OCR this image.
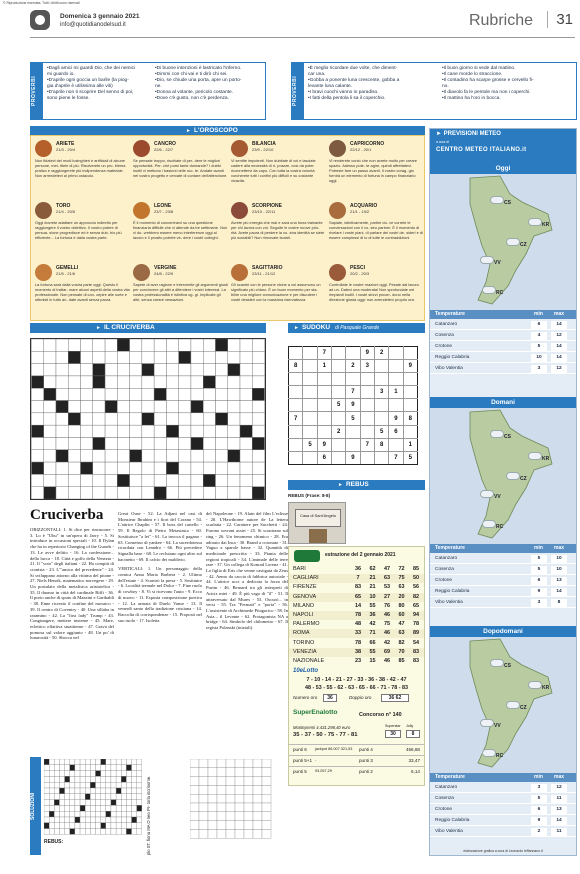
© Riproduzione riservata. Tutti i diritti sono riservati
Domenica 3 gennaio 2021
info@quotidianodelsud.it	Rubriche	31
PROVERBI
•Dagli amici mi guardi Dio, che dei nemici
mi guardo io.
•D'aprile ogni goccia un barile (la piog-
gia d'aprile è utilissima alle viti)
•D'aprile non ti scoprire Del senno di poi,
sono piene le fosse.
•Di buone intenzioni è lastricato l'inferno.
•Dimmi con chi vai e ti dirò chi sei.
•Dio, se chiude una porta, apre un porto-
ne.
•Donna al volante, pericolo costante.
•Dove c'è gusto, non c'è perdenza.	PROVERBI
•È meglio ricordare due volte, che diment-
car una.
•Gobba a ponente luna crescente, gobba a
levante luna calante.
•I bravi cuochi vanno in paradiso.
•I fatti della pentola li sa il coperchio.
•Il buon giorno si vede dal mattino.
•Il cane morde lo straccione.
•Il contadino ha scarpe grosse e cervello fi-
no.
•Il diavolo fa le pentole ma non i coperchi.
•Il mattino ha l'oro in bocca.
► L'OROSCOPO
ARIETE
21/3 - 20/4
Non fidatevi dei modi lusinghieri e artificiali di alcune persone, met- titele di più. Risolverete un pro- blema pratico e raggiungerete più indipendenza materiale. Non arrendetevi al primo ostacolo.
TORO
21/4 - 20/5
Oggi dovrete adattare un approccio indiretto per raggiungere il vostro obiettivo. Il vostro potere di persua- sione progredisce ed è senza dub- bio più efficiente... La fortuna è dalla vostra parte.
GEMELLI
21/5 - 21/6
La fortuna sarà dalla vostra parte oggi. Questo il momento di trattar- mare alcuni aspetti della vostra vita professionale. Non pensate di con- cepire alle sorte e ottimisti in tutto an- date avanti senza paura.
CANCRO
22/6 - 22/7
Se pensate troppo, rischiate di per- dere le migliori opportunità. Per- ché porsi tante domande? I dubbi inutili vi mettono i bastoni nelle ruo- te. Andate avanti nel vostro progetto e cercate di contare dell'attenzione.
LEONE
23/7 - 23/8
È il momento di concentrarvi su una questione finanziaria difficile che vi attende da tre settimane. Non vi do- vrebbero essere meno interferenze oggi al lavoro e il prosito potrete ve- dere i vostri colleghi.
VERGINE
24/8 - 22/9
Sapete di aver ragione e intervenite gli argomenti giusti per convincere gli altri a difendere i vostri interessi. La vostra professionalità è istintiva og- gi. Implicate gli altri, senza creare vessazioni.
BILANCIA
23/9 - 22/10
Vi sentite impotenti. Non dubitate di voi e lasciate cadere alla necessità di ri- posare, così da poter riconnettervi da capo. Con tutta la vostra volontà vorcherete tutti i confini più difficili e su costante vivacità.
SCORPIONE
23/10 - 22/11
Avrete più energia che mai e sarà una forza trainante per chi lavora con voi. Seguite le vostre nuove prio- rità. Avete paura di perdere la vo- stra identità se siete più sociabili? Non rinnovate isolati.
SAGITTARIO
23/11 - 21/12
Gli scambi con le persone vicine a voi assumono un significato più chiaro. È un buon momento per sta- bilire una migliore comunicazione e per discutere i vostri desideri con la massima riservatezza.
CAPRICORNO
22/12 - 20/1
Vi renderete conto che non avrete molto per creare spazio. Adesso pote- te agire, quindi affrettatevi. Potreste fare un passo avanti. Il vostro corag- gio fornirà un elemento di fortuna in campo finanziario oggi.
ACQUARIO
21/1 - 19/2
Sapiate, istintivamente, partire do- ve vorrete le conversazioni con il vo- stro partner. È il momento di rivelare i vostri piani, di parlare dei vostri de- sideri e di essere complessi di lo di tutte le contraddizioni.
PESCI
20/2 - 20/3
Controllate le vostre reazioni oggi. Pesate dal lavoro ad un. Datevi una moderata! Non sprofondate nei rimpianti inutili. I vostri sforzi procer- dono nella direzione giusta oggi: non arrendetevi proprio ora.
► PREVISIONI METEO
a cura di
CENTRO METEO ITALIANO.it
Oggi
CS
KR
CZ
VV
RC
Temperature	min max
Catanzaro	6	14
Cosenza	4	12
Crotone	5	14
Reggio Calabria	10	14
Vibo Valentia	3	12
Domani
CS
KR
CZ
VV
RC
Temperature	min max
Catanzaro	5	10
Cosenza	5	10
Crotone	6	13
Reggio Calabria	9	14
Vibo Valentia	3	8
Dopodomani
CS
KR
CZ
VV
RC
Temperature	min max
Catanzaro	3	12
Cosenza	5	11
Crotone	6	13
Reggio Calabria	9	14
Vibo Valentia	2	11
elaborazione grafica a cura di Leonardo Ieffannano.it
► IL CRUCIVERBA
Cruciverba
ORIZZONTALI: 1. Si dice per rincuorare - 3. Lo è "Uhu" in un'opera di Jarry - 5. Si introduce in occasioni speciali - 10. Il Dylan che ha in repertorio Changing of the Guards - 13. Le avve delitto - 16. La confessione... della lucca - 18. Città e golfo della Venezia - 21. Il "voto" degli italiani - 22. Ha compiti di cronista - 23. L'"amico del precedente" - 24. Si sviluppano attorno alla vittima del pitone - 27. Niels Henrik, matematico norvegese - 29. Un postulato della metafisica aristotelica - 35. Il duomo in città del cardinale Biffi - 36. Il porto anche di sputo di Mazzini e Garibaldi - 38. Enne ricreato il confine del mosaico - 39. Il centro di Coventry - 40. Una sillaba in raramino - 42. La "first lady" Trump - 43. Congiungere, mettere insieme - 45. Mare, eclettico olfattiva stuatitense - 47. Grava del pomosa sul valore aggiunto - 48. Un po' di lunarosità - 50. Sbocca nel
Great Ouse - 52. La Adjani nel cast di Monsieur Ibrahim e i fiori del Corano - 54. L'attrice Chaplin - 57. Il boss del cartello - 59. Il Regolo di Pietro Metastasio - 60. Sostituisce "a lei" - 61. La invoca il pagano - 63. Consenso di yankee - 64. La sacerdotessa ricordata con Leandro - 66. Più precedere Signalla base - 68. Le reclutano ogni altro sul bacinetto - 69. Il calcio dei maldivio.
VERTICALI: 1. Un personaggio della comica Anna Maria Barbera - 2. Ultimo dell'estate - 4. Scontrò la presa - 5. Sostituire - 6. Località termale nel Dolce - 7. Fine ruolo di cowboy - 8. Vi si ricevono l'auto - 9. Ecco di nuovo - 11. Esposta composizione poetica - 12. La armata di Duelo Vanse - 13. Il venerdì santo della tradizione cristiana - 14. Raccolta di corrispondenze - 15. Proposti nel suo ruolo - 17. Isoletta
del Napoleone - 19. Alain del film L'eclisse - 20. L'Hawthorne autore de La lettera scarlatta - 22. Carattere per Sacchetti - 24. Furono sovrani assiri - 25. Si scontrano sul ring - 26. Un fenomeno chimico - 28. Era adorato dai Inca - 30. Brand a coronato - 31. Vaguo a sparole basse - 32. Quantità di medicinale prescritta - 33. Pianta delle regioni tropicali - 34. L'animale delle terre rare - 37. Un collega di Konrad Lorenz - 41. La figlia di Eris che venne castigata da Zeus - 42. Aemo da caccia di fabbrica autoriale - 44. L'attrice ucci a dedicata la forza del Purim - 46. Bernard tra gli interpreti di Ariciz miei - 49. È più vago di "il" - 51. Il attraversato dal Mures - 53. Oscurò... in versi - 55. Tra "Fermati" e "porta" - 56. L'assistente di Archimede Pitagorico - 58. In Asia... il Levante - 62. Protagonista NA a bridge - 64. Simbolo del chilometro - 67. Il regista Polanski (iniziali).
► SUDOKU di Pasquale Grande
		7			9	2		
8		1		2	3			9

				7		3	1	
			5	9				
7				5			9	8
			2			5	6	
	5	9			7	8		1
		6		9			7	5
► REBUS
REBUS (Frase: 8-8)
Casa di Sant'Angelo
estrazione del 2 gennaio 2021
BARI	36	62	47	72	85
CAGLIARI	7	21	63	75	50
FIRENZE	83	21	53	63	56
GENOVA	65	10	27	20	82
MILANO	14	55	76	80	65
NAPOLI	78	36	46	60	94
PALERMO	48	42	75	47	78
ROMA	33	71	46	63	89
TORINO	78	66	42	82	54
VENEZIA	38	55	69	70	83
NAZIONALE	23	15	46	85	83
10eLotto
7 - 10 - 14 - 21 - 27 - 33 - 36 - 38 - 42 - 47
48 - 53 - 55 - 62 - 63 - 65 - 66 - 71 - 78 - 83
Numero oro	36	Doppio oro	36 62
SuperEnalotto	Concorso n° 140
Montepremi 4.431.298,40 euro
35 - 37 - 50 - 75 - 77 - 81
Superstar
30
Jolly
8
punti 6 jackpot 86.007.321,53 punti 4	456,68
punti 5+1 -	punti 3	33,47
punti 5 93.057,29	punti 2	6,14
SOLUZIONI
REBUS:	plo ST. fiona MA O neo Pr- toria incrinome.
